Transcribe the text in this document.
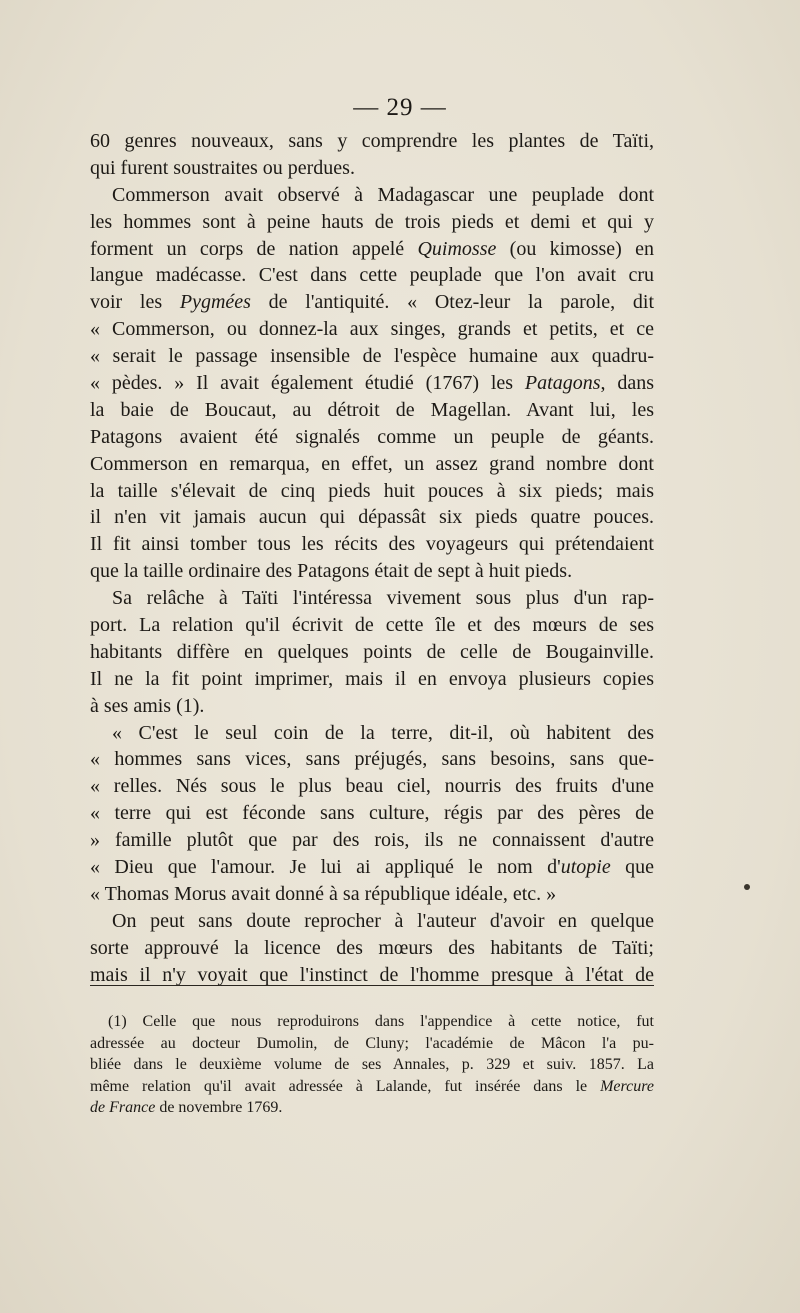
— 29 —
60 genres nouveaux, sans y comprendre les plantes de Taïti,
qui furent soustraites ou perdues.
Commerson avait observé à Madagascar une peuplade dont
les hommes sont à peine hauts de trois pieds et demi et qui y
forment un corps de nation appelé Quimosse (ou kimosse) en
langue madécasse. C'est dans cette peuplade que l'on avait cru
voir les Pygmées de l'antiquité. « Otez-leur la parole, dit
« Commerson, ou donnez-la aux singes, grands et petits, et ce
« serait le passage insensible de l'espèce humaine aux quadru-
« pèdes. » Il avait également étudié (1767) les Patagons, dans
la baie de Boucaut, au détroit de Magellan. Avant lui, les
Patagons avaient été signalés comme un peuple de géants.
Commerson en remarqua, en effet, un assez grand nombre dont
la taille s'élevait de cinq pieds huit pouces à six pieds; mais
il n'en vit jamais aucun qui dépassât six pieds quatre pouces.
Il fit ainsi tomber tous les récits des voyageurs qui prétendaient
que la taille ordinaire des Patagons était de sept à huit pieds.
Sa relâche à Taïti l'intéressa vivement sous plus d'un rap-
port. La relation qu'il écrivit de cette île et des mœurs de ses
habitants diffère en quelques points de celle de Bougainville.
Il ne la fit point imprimer, mais il en envoya plusieurs copies
à ses amis (1).
« C'est le seul coin de la terre, dit-il, où habitent des
« hommes sans vices, sans préjugés, sans besoins, sans que-
« relles. Nés sous le plus beau ciel, nourris des fruits d'une
« terre qui est féconde sans culture, régis par des pères de
» famille plutôt que par des rois, ils ne connaissent d'autre
« Dieu que l'amour. Je lui ai appliqué le nom d'utopie que
« Thomas Morus avait donné à sa république idéale, etc. »
On peut sans doute reprocher à l'auteur d'avoir en quelque
sorte approuvé la licence des mœurs des habitants de Taïti;
mais il n'y voyait que l'instinct de l'homme presque à l'état de
(1) Celle que nous reproduirons dans l'appendice à cette notice, fut
adressée au docteur Dumolin, de Cluny; l'académie de Mâcon l'a pu-
bliée dans le deuxième volume de ses Annales, p. 329 et suiv. 1857. La
même relation qu'il avait adressée à Lalande, fut insérée dans le Mercure
de France de novembre 1769.
